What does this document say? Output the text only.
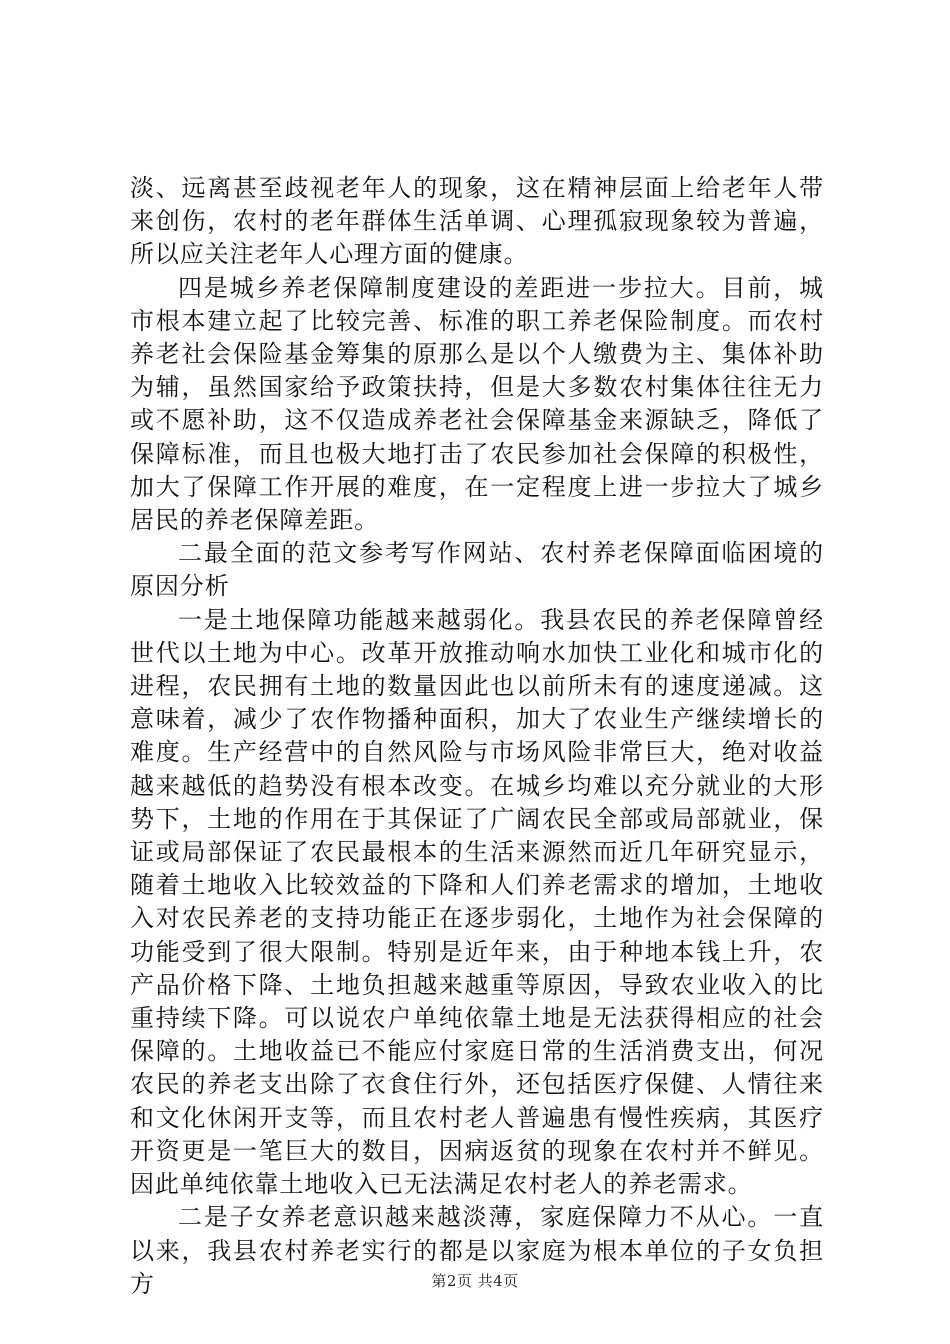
淡、远离甚至歧视老年人的现象，这在精神层面上给老年人带来创伤，农村的老年群体生活单调、心理孤寂现象较为普遍，所以应关注老年人心理方面的健康。

四是城乡养老保障制度建设的差距进一步拉大。目前，城市根本建立起了比较完善、标准的职工养老保险制度。而农村养老社会保险基金筹集的原那么是以个人缴费为主、集体补助为辅，虽然国家给予政策扶持，但是大多数农村集体往往无力或不愿补助，这不仅造成养老社会保障基金来源缺乏，降低了保障标准，而且也极大地打击了农民参加社会保障的积极性，加大了保障工作开展的难度，在一定程度上进一步拉大了城乡居民的养老保障差距。

二最全面的范文参考写作网站、农村养老保障面临困境的原因分析

一是土地保障功能越来越弱化。我县农民的养老保障曾经世代以土地为中心。改革开放推动响水加快工业化和城市化的进程，农民拥有土地的数量因此也以前所未有的速度递减。这意味着，减少了农作物播种面积，加大了农业生产继续增长的难度。生产经营中的自然风险与市场风险非常巨大，绝对收益越来越低的趋势没有根本改变。在城乡均难以充分就业的大形势下，土地的作用在于其保证了广阔农民全部或局部就业，保证或局部保证了农民最根本的生活来源然而近几年研究显示，随着土地收入比较效益的下降和人们养老需求的增加，土地收入对农民养老的支持功能正在逐步弱化，土地作为社会保障的功能受到了很大限制。特别是近年来，由于种地本钱上升，农产品价格下降、土地负担越来越重等原因，导致农业收入的比重持续下降。可以说农户单纯依靠土地是无法获得相应的社会保障的。土地收益已不能应付家庭日常的生活消费支出，何况农民的养老支出除了衣食住行外，还包括医疗保健、人情往来和文化休闲开支等，而且农村老人普遍患有慢性疾病，其医疗开资更是一笔巨大的数目，因病返贫的现象在农村并不鲜见。因此单纯依靠土地收入已无法满足农村老人的养老需求。

二是子女养老意识越来越淡薄，家庭保障力不从心。一直以来，我县农村养老实行的都是以家庭为根本单位的子女负担方	第2页 共4页
